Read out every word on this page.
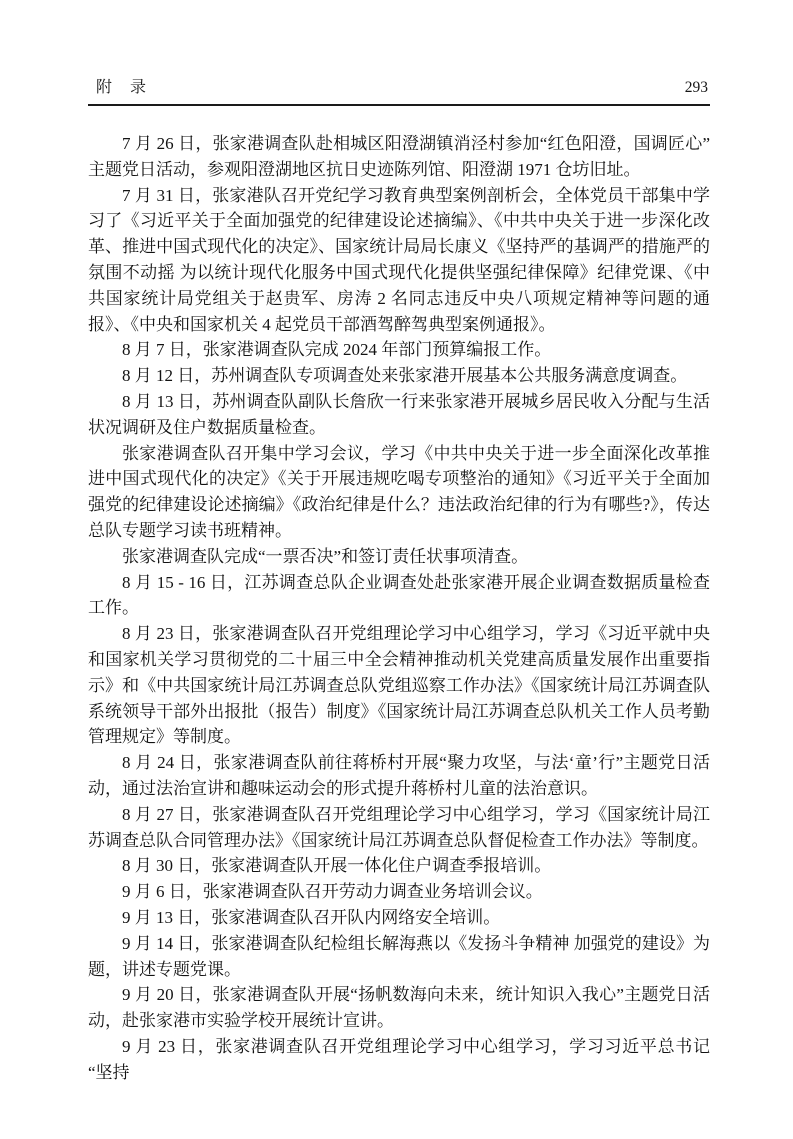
附　录	293

7 月 26 日，张家港调查队赴相城区阳澄湖镇消泾村参加“红色阳澄，国调匠心”主题党日活动，参观阳澄湖地区抗日史迹陈列馆、阳澄湖 1971 仓坊旧址。

7 月 31 日，张家港队召开党纪学习教育典型案例剖析会，全体党员干部集中学习了《习近平关于全面加强党的纪律建设论述摘编》、《中共中央关于进一步深化改革、推进中国式现代化的决定》、国家统计局局长康义《坚持严的基调严的措施严的氛围不动摇 为以统计现代化服务中国式现代化提供坚强纪律保障》纪律党课、《中共国家统计局党组关于赵贵军、房涛 2 名同志违反中央八项规定精神等问题的通报》、《中央和国家机关 4 起党员干部酒驾醉驾典型案例通报》。

8 月 7 日，张家港调查队完成 2024 年部门预算编报工作。

8 月 12 日，苏州调查队专项调查处来张家港开展基本公共服务满意度调查。

8 月 13 日，苏州调查队副队长詹欣一行来张家港开展城乡居民收入分配与生活状况调研及住户数据质量检查。

张家港调查队召开集中学习会议，学习《中共中央关于进一步全面深化改革推进中国式现代化的决定》《关于开展违规吃喝专项整治的通知》《习近平关于全面加强党的纪律建设论述摘编》《政治纪律是什么？违法政治纪律的行为有哪些?》，传达总队专题学习读书班精神。

张家港调查队完成“一票否决”和签订责任状事项清查。

8 月 15 - 16 日，江苏调查总队企业调查处赴张家港开展企业调查数据质量检查工作。

8 月 23 日，张家港调查队召开党组理论学习中心组学习，学习《习近平就中央和国家机关学习贯彻党的二十届三中全会精神推动机关党建高质量发展作出重要指示》和《中共国家统计局江苏调查总队党组巡察工作办法》《国家统计局江苏调查队系统领导干部外出报批（报告）制度》《国家统计局江苏调查总队机关工作人员考勤管理规定》等制度。

8 月 24 日，张家港调查队前往蒋桥村开展“聚力攻坚，与法‘童’行”主题党日活动，通过法治宣讲和趣味运动会的形式提升蒋桥村儿童的法治意识。

8 月 27 日，张家港调查队召开党组理论学习中心组学习，学习《国家统计局江苏调查总队合同管理办法》《国家统计局江苏调查总队督促检查工作办法》等制度。

8 月 30 日，张家港调查队开展一体化住户调查季报培训。

9 月 6 日，张家港调查队召开劳动力调查业务培训会议。

9 月 13 日，张家港调查队召开队内网络安全培训。

9 月 14 日，张家港调查队纪检组长解海燕以《发扬斗争精神 加强党的建设》为题，讲述专题党课。

9 月 20 日，张家港调查队开展“扬帆数海向未来，统计知识入我心”主题党日活动，赴张家港市实验学校开展统计宣讲。

9 月 23 日，张家港调查队召开党组理论学习中心组学习，学习习近平总书记“坚持
